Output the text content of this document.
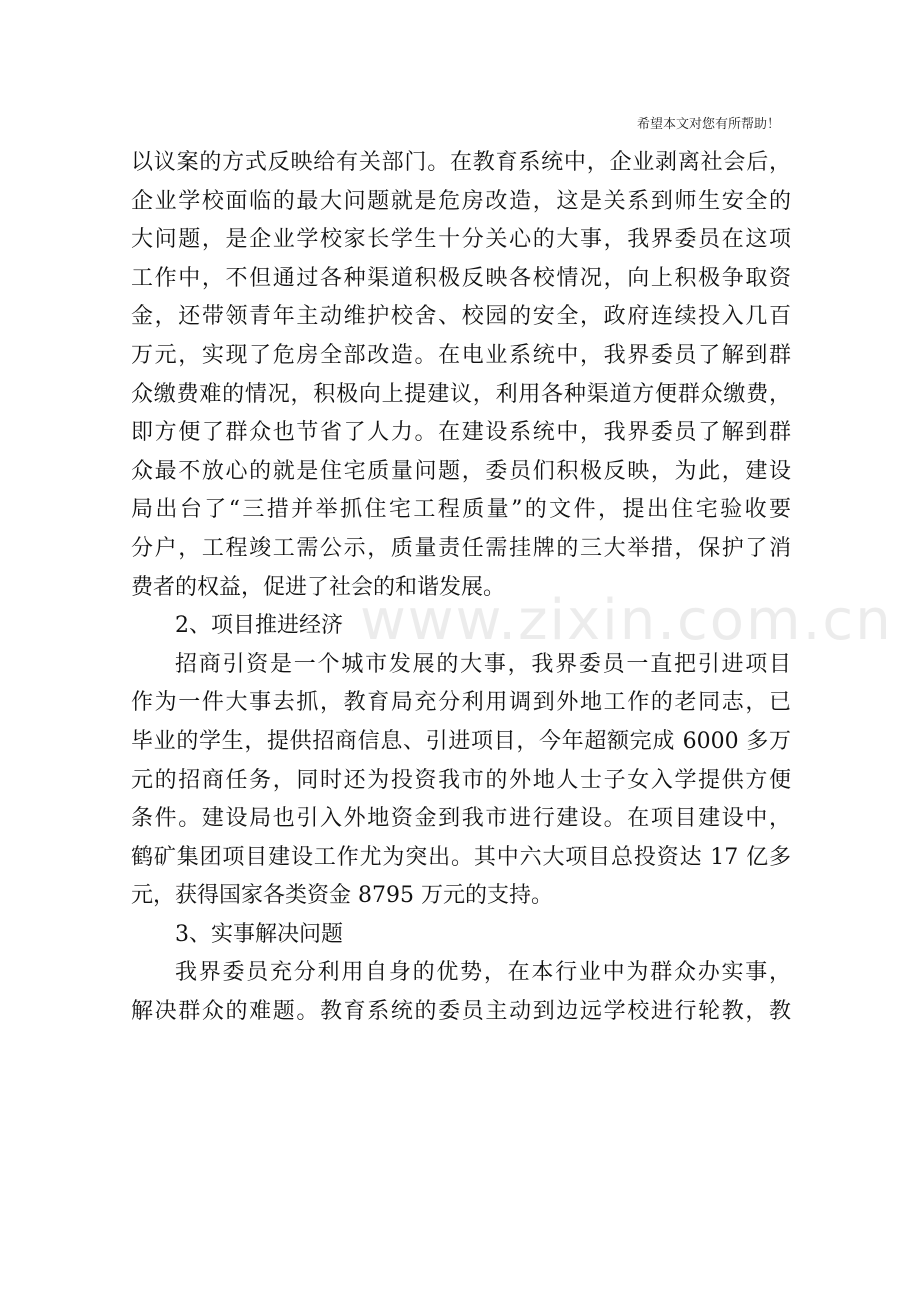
希望本文对您有所帮助！
www.zixin.com.cn
以议案的方式反映给有关部门。在教育系统中，企业剥离社会后，
企业学校面临的最大问题就是危房改造，这是关系到师生安全的
大问题，是企业学校家长学生十分关心的大事，我界委员在这项
工作中，不但通过各种渠道积极反映各校情况，向上积极争取资
金，还带领青年主动维护校舍、校园的安全，政府连续投入几百
万元，实现了危房全部改造。在电业系统中，我界委员了解到群
众缴费难的情况，积极向上提建议，利用各种渠道方便群众缴费，
即方便了群众也节省了人力。在建设系统中，我界委员了解到群
众最不放心的就是住宅质量问题，委员们积极反映，为此，建设
局出台了“三措并举抓住宅工程质量”的文件，提出住宅验收要
分户，工程竣工需公示，质量责任需挂牌的三大举措，保护了消
费者的权益，促进了社会的和谐发展。
2、项目推进经济
招商引资是一个城市发展的大事，我界委员一直把引进项目
作为一件大事去抓，教育局充分利用调到外地工作的老同志，已
毕业的学生，提供招商信息、引进项目，今年超额完成 6000 多万
元的招商任务，同时还为投资我市的外地人士子女入学提供方便
条件。建设局也引入外地资金到我市进行建设。在项目建设中，
鹤矿集团项目建设工作尤为突出。其中六大项目总投资达 17 亿多
元，获得国家各类资金 8795 万元的支持。
3、实事解决问题
我界委员充分利用自身的优势，在本行业中为群众办实事，
解决群众的难题。教育系统的委员主动到边远学校进行轮教，教
